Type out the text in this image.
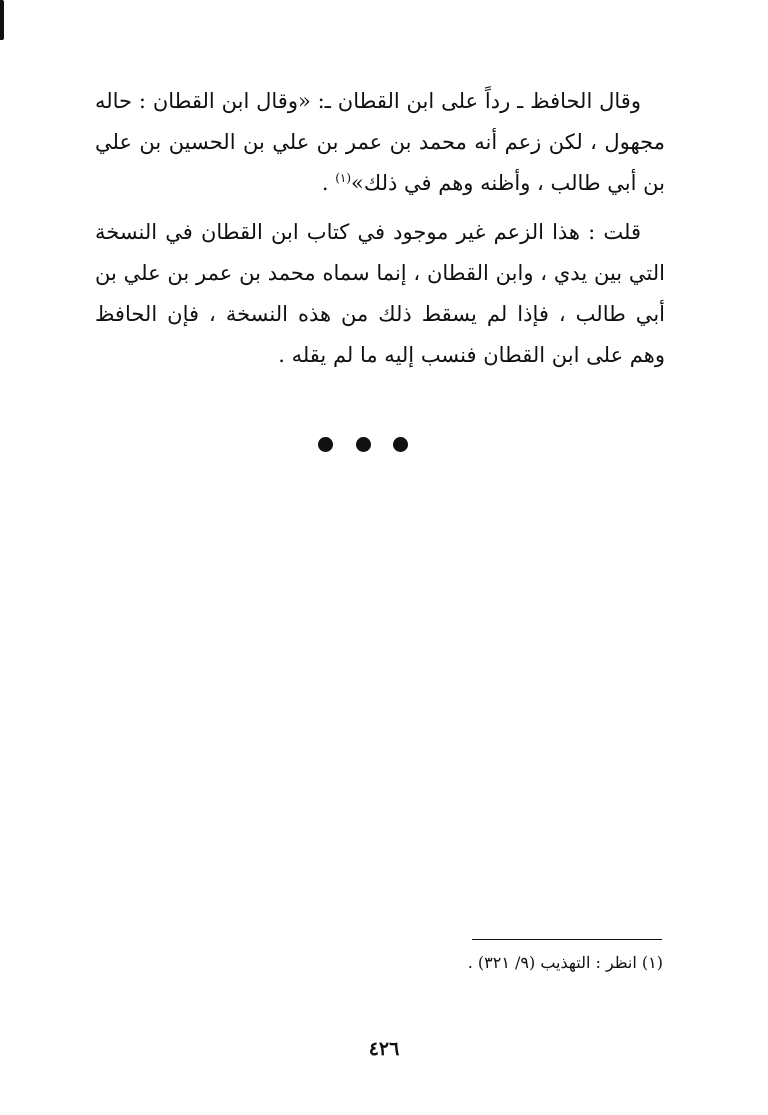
وقال الحافظ ـ رداً على ابن القطان ـ: «وقال ابن القطان : حاله مجهول ، لكن زعم أنه محمد بن عمر بن علي بن الحسين بن علي بن أبي طالب ، وأظنه وهم في ذلك»$^{(١)}$ .

قلت : هذا الزعم غير موجود في كتاب ابن القطان في النسخة التي بين يدي ، وابن القطان ، إنما سماه محمد بن عمر بن علي بن أبي طالب ، فإذا لم يسقط ذلك من هذه النسخة ، فإن الحافظ وهم على ابن القطان فنسب إليه ما لم يقله .

(١) انظر : التهذيب (٩/ ٣٢١) .

٤٢٦
